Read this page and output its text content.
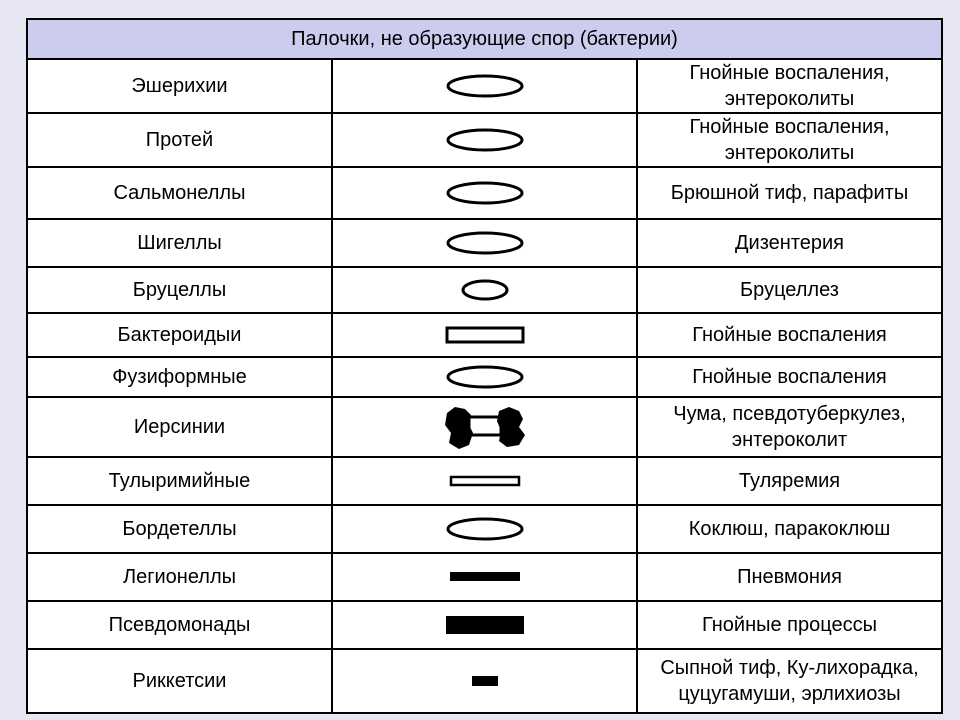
Палочки, не образующие спор (бактерии)		
Эшерихии		Гнойные воспаления, энтероколиты
Протей		Гнойные воспаления, энтероколиты
Сальмонеллы		Брюшной тиф, парафиты
Шигеллы		Дизентерия
Бруцеллы		Бруцеллез
Бактероидыи		Гнойные воспаления
Фузиформные		Гнойные воспаления
Иерсинии		Чума, псевдотуберкулез, энтероколит
Тулыримийные		Туляремия
Бордетеллы		Коклюш, паракоклюш
Легионеллы		Пневмония
Псевдомонады		Гнойные процессы
Риккетсии		Сыпной тиф, Ку-лихорадка,
цуцугамуши, эрлихиозы
